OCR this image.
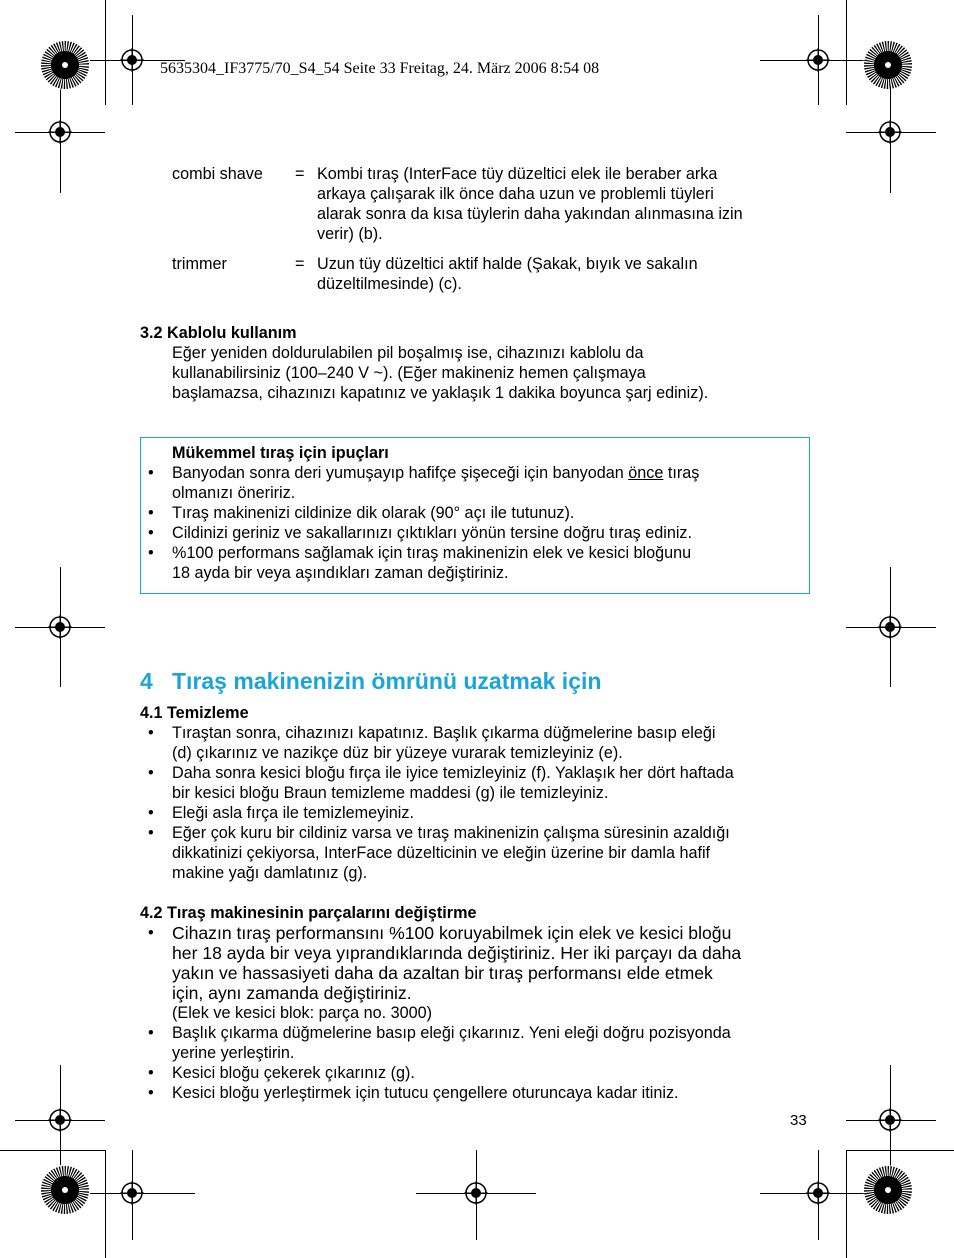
5635304_IF3775/70_S4_54 Seite 33 Freitag, 24. März 2006 8:54 08
combi shave = Kombi tıraş (InterFace tüy düzeltici elek ile beraber arka
arkaya çalışarak ilk önce daha uzun ve problemli tüyleri
alarak sonra da kısa tüylerin daha yakından alınmasına izin
verir) (b).
trimmer	= Uzun tüy düzeltici aktif halde (Şakak, bıyık ve sakalın
düzeltilmesinde) (c).
3.2 Kablolu kullanım
Eğer yeniden doldurulabilen pil boşalmış ise, cihazınızı kablolu da
kullanabilirsiniz (100–240 V ~). (Eğer makineniz hemen çalışmaya
başlamazsa, cihazınızı kapatınız ve yaklaşık 1 dakika boyunca şarj ediniz).
Mükemmel tıraş için ipuçları
• Banyodan sonra deri yumuşayıp hafifçe şişeceği için banyodan önce tıraş
olmanızı öneririz.
• Tıraş makinenizi cildinize dik olarak (90° açı ile tutunuz).
• Cildinizi geriniz ve sakallarınızı çıktıkları yönün tersine doğru tıraş ediniz.
• %100 performans sağlamak için tıraş makinenizin elek ve kesici bloğunu
18 ayda bir veya aşındıkları zaman değiştiriniz.
4 Tıraş makinenizin ömrünü uzatmak için
4.1 Temizleme
• Tıraştan sonra, cihazınızı kapatınız. Başlık çıkarma düğmelerine basıp eleği
(d) çıkarınız ve nazikçe düz bir yüzeye vurarak temizleyiniz (e).
• Daha sonra kesici bloğu fırça ile iyice temizleyiniz (f). Yaklaşık her dört haftada
bir kesici bloğu Braun temizleme maddesi (g) ile temizleyiniz.
• Eleği asla fırça ile temizlemeyiniz.
• Eğer çok kuru bir cildiniz varsa ve tıraş makinenizin çalışma süresinin azaldığı
dikkatinizi çekiyorsa, InterFace düzelticinin ve eleğin üzerine bir damla hafif
makine yağı damlatınız (g).
4.2 Tıraş makinesinin parçalarını değiştirme
• Cihazın tıraş performansını %100 koruyabilmek için elek ve kesici bloğu
her 18 ayda bir veya yıprandıklarında değiştiriniz. Her iki parçayı da daha
yakın ve hassasiyeti daha da azaltan bir tıraş performansı elde etmek
için, aynı zamanda değiştiriniz.
(Elek ve kesici blok: parça no. 3000)
• Başlık çıkarma düğmelerine basıp eleği çıkarınız. Yeni eleği doğru pozisyonda
yerine yerleştirin.
• Kesici bloğu çekerek çıkarınız (g).
• Kesici bloğu yerleştirmek için tutucu çengellere oturuncaya kadar itiniz.
33
